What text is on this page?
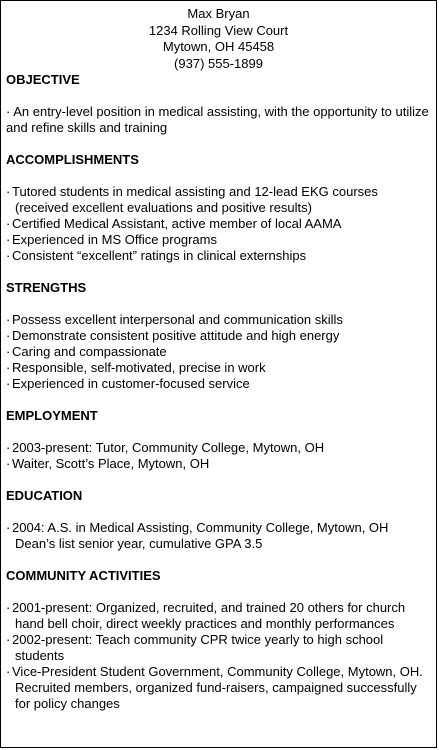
Max Bryan
1234 Rolling View Court
Mytown, OH 45458
(937) 555-1899
OBJECTIVE

· An entry-level position in medical assisting, with the opportunity to utilize and refine skills and training

ACCOMPLISHMENTS
· Tutored students in medical assisting and 12-lead EKG courses
(received excellent evaluations and positive results)
· Certified Medical Assistant, active member of local AAMA
· Experienced in MS Office programs
· Consistent “excellent” ratings in clinical externships
STRENGTHS
· Possess excellent interpersonal and communication skills
· Demonstrate consistent positive attitude and high energy
· Caring and compassionate
· Responsible, self-motivated, precise in work
· Experienced in customer-focused service
EMPLOYMENT
· 2003-present: Tutor, Community College, Mytown, OH
· Waiter, Scott’s Place, Mytown, OH
EDUCATION
· 2004: A.S. in Medical Assisting, Community College, Mytown, OH
Dean’s list senior year, cumulative GPA 3.5
COMMUNITY ACTIVITIES
· 2001-present: Organized, recruited, and trained 20 others for church hand bell choir, direct weekly practices and monthly performances
· 2002-present: Teach community CPR twice yearly to high school students
· Vice-President Student Government, Community College, Mytown, OH. Recruited members, organized fund-raisers, campaigned successfully for policy changes
